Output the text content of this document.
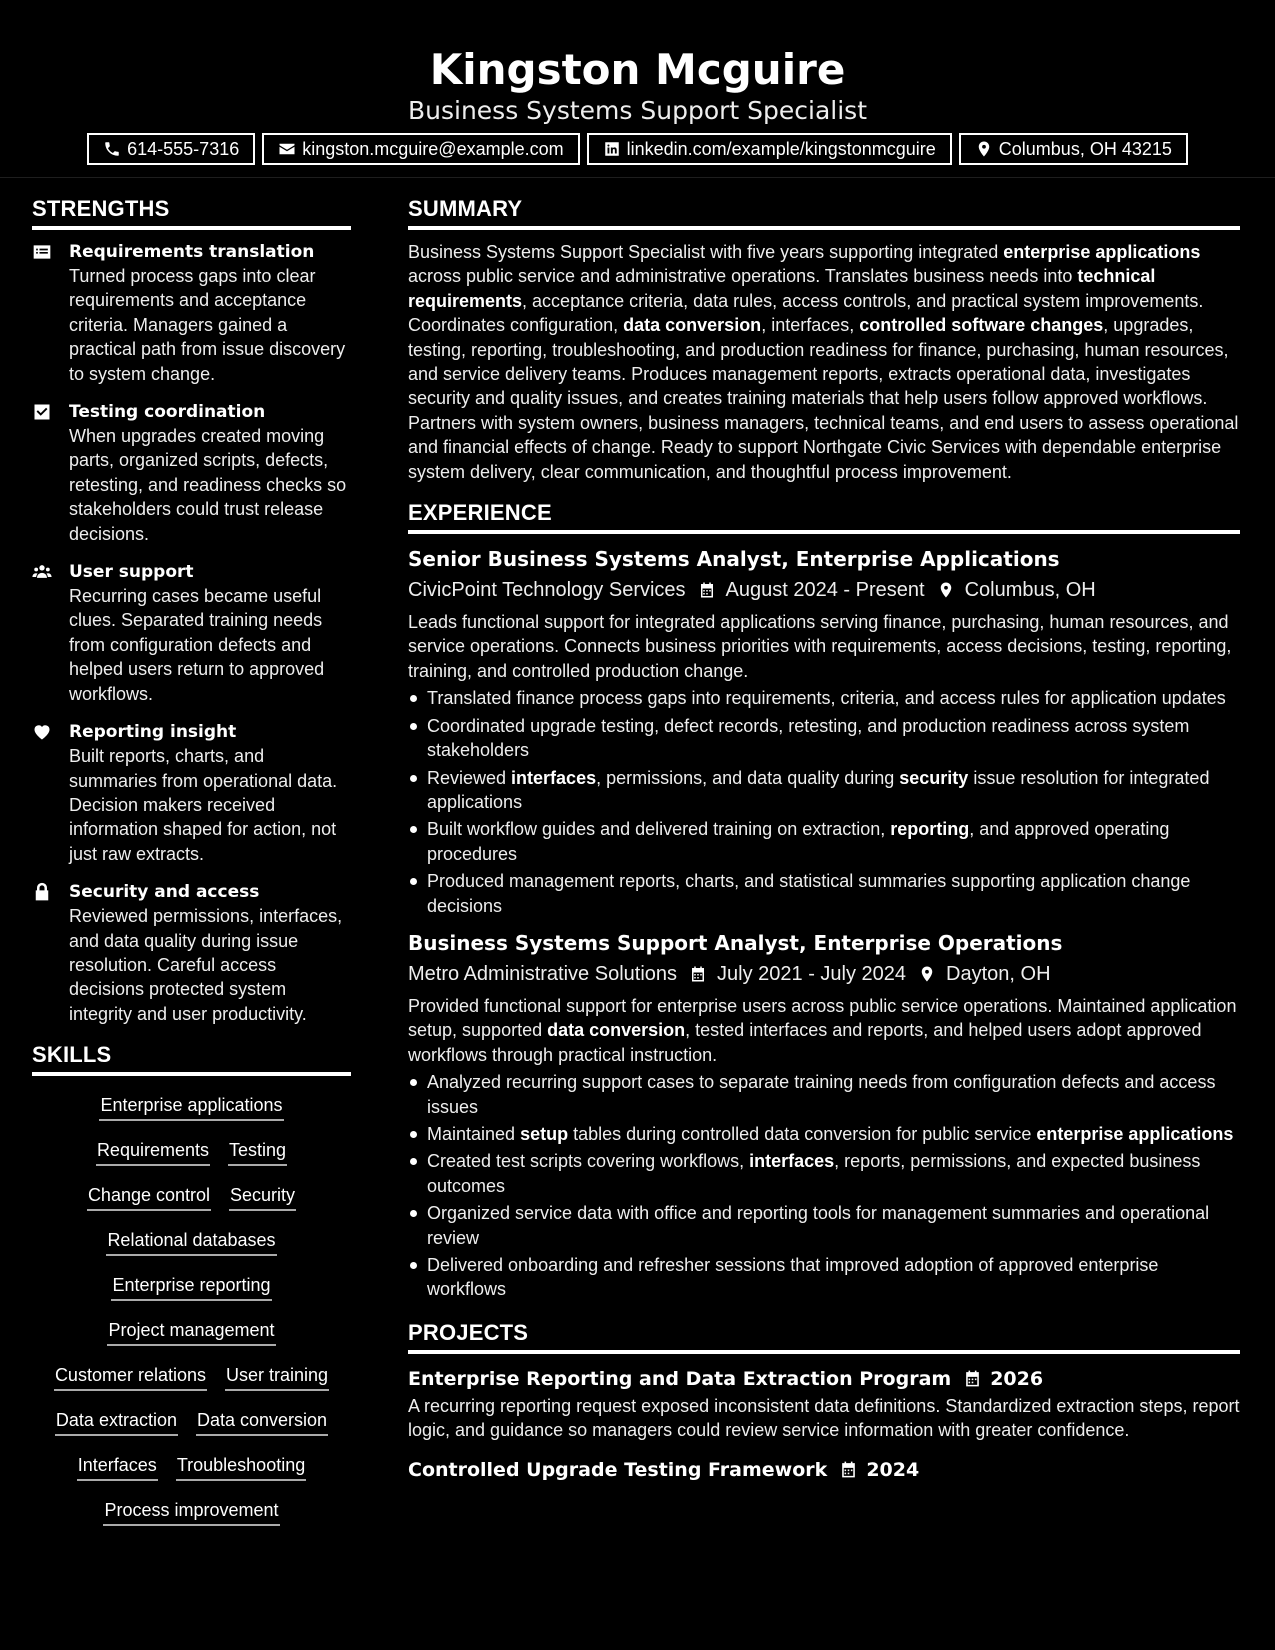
Kingston Mcguire
Business Systems Support Specialist
614-555-7316	kingston.mcguire@example.com	linkedin.com/example/kingstonmcguire	Columbus, OH 43215
STRENGTHS
Requirements translation
Turned process gaps into clear requirements and acceptance criteria. Managers gained a practical path from issue discovery to system change.
Testing coordination
When upgrades created moving parts, organized scripts, defects, retesting, and readiness checks so stakeholders could trust release decisions.
User support
Recurring cases became useful clues. Separated training needs from configuration defects and helped users return to approved workflows.
Reporting insight
Built reports, charts, and summaries from operational data. Decision makers received information shaped for action, not just raw extracts.
Security and access
Reviewed permissions, interfaces, and data quality during issue resolution. Careful access decisions protected system integrity and user productivity.
SKILLS
Enterprise applications
Requirements Testing
Change control Security
Relational databases
Enterprise reporting
Project management
Customer relations User training
Data extraction Data conversion
Interfaces Troubleshooting
Process improvement
SUMMARY
Business Systems Support Specialist with five years supporting integrated enterprise applications across public service and administrative operations. Translates business needs into technical requirements, acceptance criteria, data rules, access controls, and practical system improvements. Coordinates configuration, data conversion, interfaces, controlled software changes, upgrades, testing, reporting, troubleshooting, and production readiness for finance, purchasing, human resources, and service delivery teams. Produces management reports, extracts operational data, investigates security and quality issues, and creates training materials that help users follow approved workflows. Partners with system owners, business managers, technical teams, and end users to assess operational and financial effects of change. Ready to support Northgate Civic Services with dependable enterprise system delivery, clear communication, and thoughtful process improvement.
EXPERIENCE
Senior Business Systems Analyst, Enterprise Applications
CivicPoint Technology Services August 2024 - Present Columbus, OH
Leads functional support for integrated applications serving finance, purchasing, human resources, and service operations. Connects business priorities with requirements, access decisions, testing, reporting, training, and controlled production change.
Translated finance process gaps into requirements, criteria, and access rules for application updates
Coordinated upgrade testing, defect records, retesting, and production readiness across system stakeholders
Reviewed interfaces, permissions, and data quality during security issue resolution for integrated applications
Built workflow guides and delivered training on extraction, reporting, and approved operating procedures
Produced management reports, charts, and statistical summaries supporting application change decisions
Business Systems Support Analyst, Enterprise Operations
Metro Administrative Solutions July 2021 - July 2024 Dayton, OH
Provided functional support for enterprise users across public service operations. Maintained application setup, supported data conversion, tested interfaces and reports, and helped users adopt approved workflows through practical instruction.
Analyzed recurring support cases to separate training needs from configuration defects and access issues
Maintained setup tables during controlled data conversion for public service enterprise applications
Created test scripts covering workflows, interfaces, reports, permissions, and expected business outcomes
Organized service data with office and reporting tools for management summaries and operational review
Delivered onboarding and refresher sessions that improved adoption of approved enterprise workflows
PROJECTS
Enterprise Reporting and Data Extraction Program 2026
A recurring reporting request exposed inconsistent data definitions. Standardized extraction steps, report logic, and guidance so managers could review service information with greater confidence.
Controlled Upgrade Testing Framework 2024
